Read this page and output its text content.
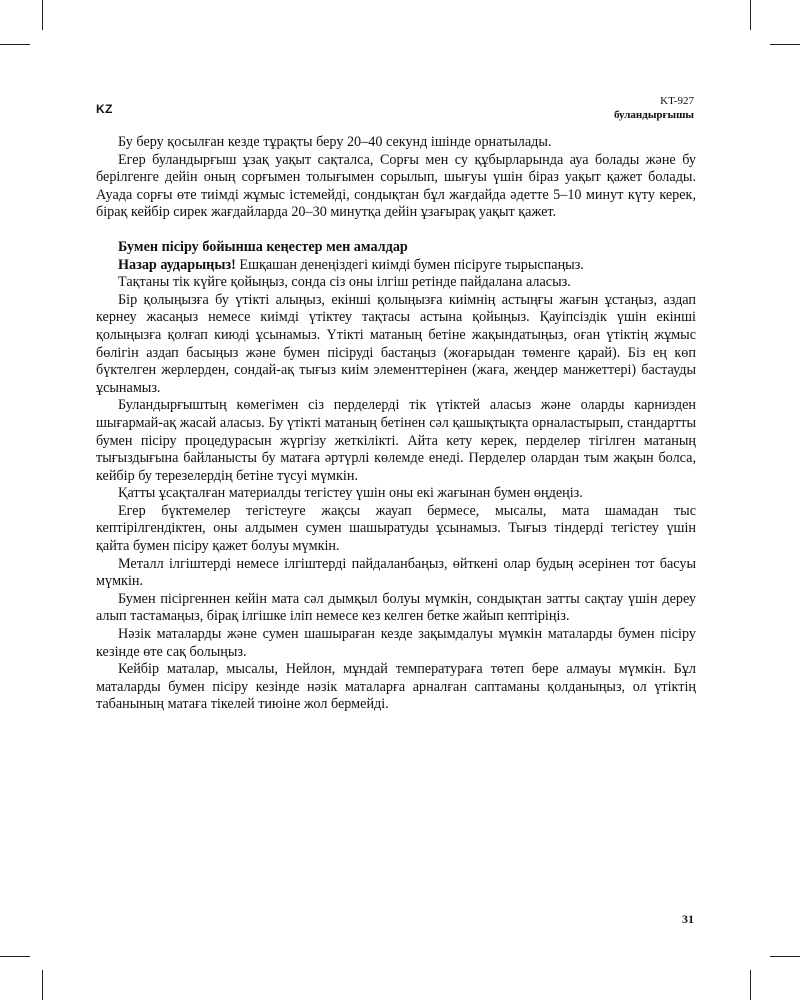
KZ
KT-927
буландырғышы

Бу беру қосылған кезде тұрақты беру 20–40 секунд ішінде орнатылады.

Егер буландырғыш ұзақ уақыт сақталса, Сорғы мен су құбырларында ауа болады және бу берілгенге дейін оның сорғымен толығымен сорылып, шығуы үшін біраз уақыт қажет болады. Ауада сорғы өте тиімді жұмыс істемейді, сондықтан бұл жағдайда әдетте 5–10 минут күту керек, бірақ кейбір сирек жағдайларда 20–30 минутқа дейін ұзағырақ уақыт қажет.

Бумен пісіру бойынша кеңестер мен амалдар

Назар аударыңыз! Ешқашан денеңіздегі киімді бумен пісіруге тырыспаңыз.

Тақтаны тік күйге қойыңыз, сонда сіз оны ілгіш ретінде пайдалана аласыз.

Бір қолыңызға бу үтікті алыңыз, екінші қолыңызға киімнің астыңғы жағын ұстаңыз, аздап кернеу жасаңыз немесе киімді үтіктеу тақтасы астына қойыңыз. Қауіпсіздік үшін екінші қолыңызға қолғап киюді ұсынамыз. Үтікті матаның бетіне жақындатыңыз, оған үтіктің жұмыс бөлігін аздап басыңыз және бумен пісіруді бастаңыз (жоғарыдан төменге қарай). Біз ең көп бүктелген жерлерден, сондай-ақ тығыз киім элементтерінен (жаға, жеңдер манжеттері) бастауды ұсынамыз.

Буландырғыштың көмегімен сіз перделерді тік үтіктей аласыз және оларды карнизден шығармай-ақ жасай аласыз. Бу үтікті матаның бетінен сәл қашықтықта орналастырып, стандартты бумен пісіру процедурасын жүргізу жеткілікті. Айта кету керек, перделер тігілген матаның тығыздығына байланысты бу матаға әртүрлі көлемде енеді. Перделер олардан тым жақын болса, кейбір бу терезелердің бетіне түсуі мүмкін.

Қатты ұсақталған материалды тегістеу үшін оны екі жағынан бумен өңдеңіз.

Егер бүктемелер тегістеуге жақсы жауап бермесе, мысалы, мата шамадан тыс кептірілгендіктен, оны алдымен сумен шашыратуды ұсынамыз. Тығыз тіндерді тегістеу үшін қайта бумен пісіру қажет болуы мүмкін.

Металл ілгіштерді немесе ілгіштерді пайдаланбаңыз, өйткені олар будың әсерінен тот басуы мүмкін.

Бумен пісіргеннен кейін мата сәл дымқыл болуы мүмкін, сондықтан затты сақтау үшін дереу алып тастамаңыз, бірақ ілгішке іліп немесе кез келген бетке жайып кептіріңіз.

Нәзік маталарды және сумен шашыраған кезде зақымдалуы мүмкін маталарды бумен пісіру кезінде өте сақ болыңыз.

Кейбір маталар, мысалы, Нейлон, мұндай температураға төтеп бере алмауы мүмкін. Бұл маталарды бумен пісіру кезінде нәзік маталарға арналған саптаманы қолданыңыз, ол үтіктің табанының матаға тікелей тиюіне жол бермейді.

31
